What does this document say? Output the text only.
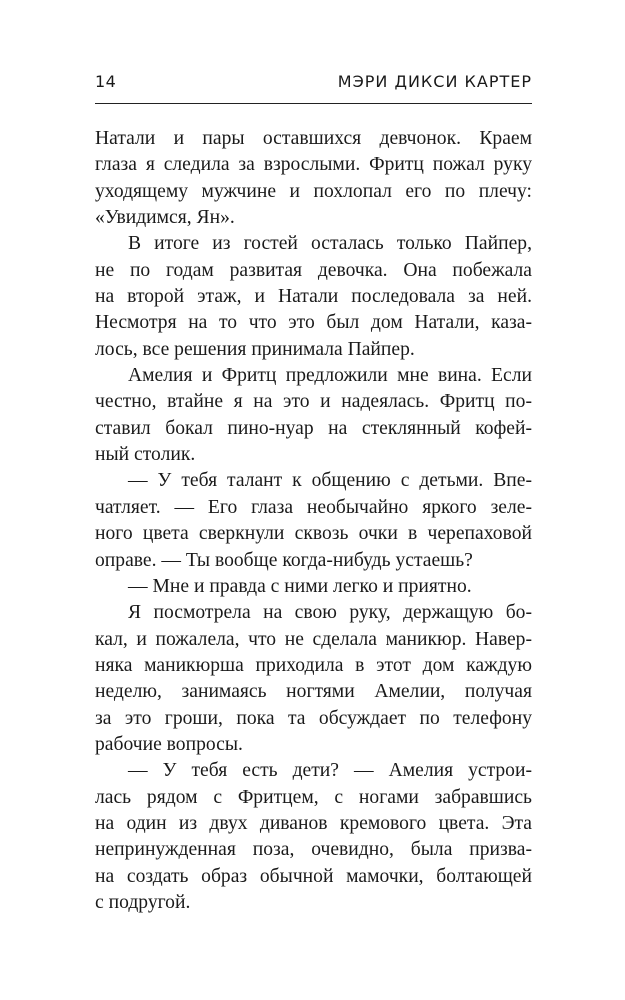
14	МЭРИ ДИКСИ КАРТЕР
Натали и пары оставшихся девчонок. Краем
глаза я следила за взрослыми. Фритц пожал руку
уходящему мужчине и похлопал его по плечу:
«Увидимся, Ян».
В итоге из гостей осталась только Пайпер,
не по годам развитая девочка. Она побежала
на второй этаж, и Натали последовала за ней.
Несмотря на то что это был дом Натали, каза-
лось, все решения принимала Пайпер.
Амелия и Фритц предложили мне вина. Если
честно, втайне я на это и надеялась. Фритц по-
ставил бокал пино-нуар на стеклянный кофей-
ный столик.
— У тебя талант к общению с детьми. Впе-
чатляет. — Его глаза необычайно яркого зеле-
ного цвета сверкнули сквозь очки в черепаховой
оправе. — Ты вообще когда-нибудь устаешь?
— Мне и правда с ними легко и приятно.
Я посмотрела на свою руку, держащую бо-
кал, и пожалела, что не сделала маникюр. Навер-
няка маникюрша приходила в этот дом каждую
неделю, занимаясь ногтями Амелии, получая
за это гроши, пока та обсуждает по телефону
рабочие вопросы.
— У тебя есть дети? — Амелия устрои-
лась рядом с Фритцем, с ногами забравшись
на один из двух диванов кремового цвета. Эта
непринужденная поза, очевидно, была призва-
на создать образ обычной мамочки, болтающей
с подругой.
